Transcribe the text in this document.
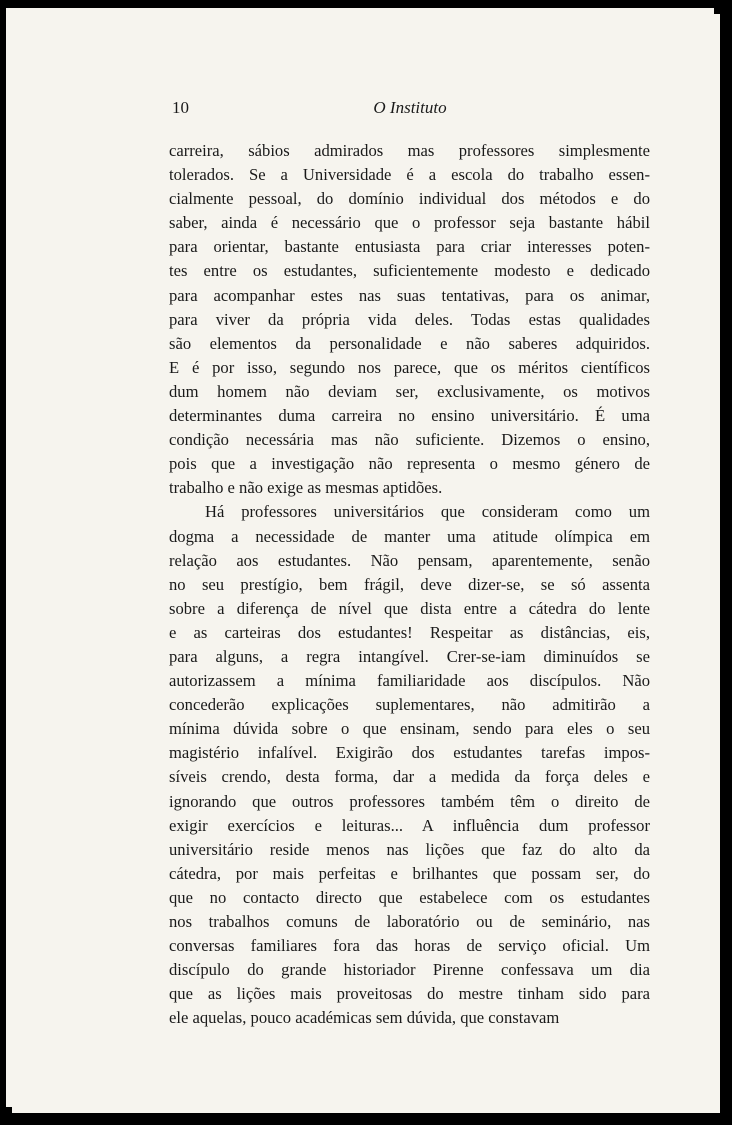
10	O Instituto
carreira, sábios admirados mas professores simplesmente
tolerados. Se a Universidade é a escola do trabalho essen-
cialmente pessoal, do domínio individual dos métodos e do
saber, ainda é necessário que o professor seja bastante hábil
para orientar, bastante entusiasta para criar interesses poten-
tes entre os estudantes, suficientemente modesto e dedicado
para acompanhar estes nas suas tentativas, para os animar,
para viver da própria vida deles. Todas estas qualidades
são elementos da personalidade e não saberes adquiridos.
E é por isso, segundo nos parece, que os méritos científicos
dum homem não deviam ser, exclusivamente, os motivos
determinantes duma carreira no ensino universitário. É uma
condição necessária mas não suficiente. Dizemos o ensino,
pois que a investigação não representa o mesmo género de
trabalho e não exige as mesmas aptidões.
Há professores universitários que consideram como um
dogma a necessidade de manter uma atitude olímpica em
relação aos estudantes. Não pensam, aparentemente, senão
no seu prestígio, bem frágil, deve dizer-se, se só assenta
sobre a diferença de nível que dista entre a cátedra do lente
e as carteiras dos estudantes! Respeitar as distâncias, eis,
para alguns, a regra intangível. Crer-se-iam diminuídos se
autorizassem a mínima familiaridade aos discípulos. Não
concederão explicações suplementares, não admitirão a
mínima dúvida sobre o que ensinam, sendo para eles o seu
magistério infalível. Exigirão dos estudantes tarefas impos-
síveis crendo, desta forma, dar a medida da força deles e
ignorando que outros professores também têm o direito de
exigir exercícios e leituras... A influência dum professor
universitário reside menos nas lições que faz do alto da
cátedra, por mais perfeitas e brilhantes que possam ser, do
que no contacto directo que estabelece com os estudantes
nos trabalhos comuns de laboratório ou de seminário, nas
conversas familiares fora das horas de serviço oficial. Um
discípulo do grande historiador Pirenne confessava um dia
que as lições mais proveitosas do mestre tinham sido para
ele aquelas, pouco académicas sem dúvida, que constavam
